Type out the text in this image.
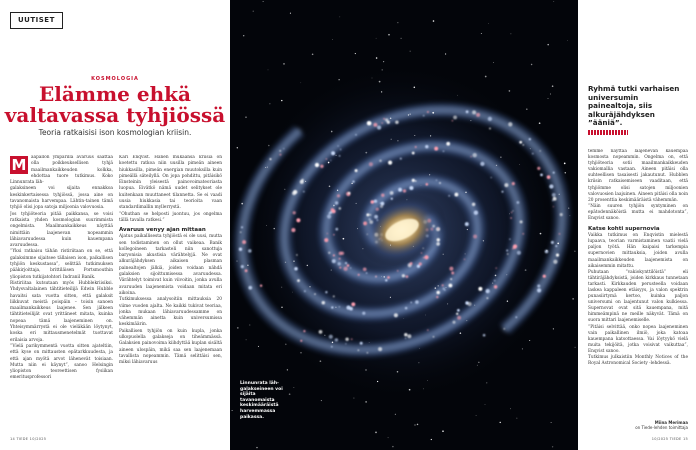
UUTISET
KOSMOLOGIA
Elämme ehkä
valtavassa tyhjiössä
Teoria ratkaisisi ison kosmologian kriisin.
M	aapallon ympärillä avaruus saattaa olla poikkeuksellisen tyhjä maailmankaikkeuden kolkka, ehdottaa tuore tutkimus. Koko Linnunrata läh-

galaksineen voi sijaita ennakkoa keskinkertaisessa tyhjiössä, jossa aine on tavanomaista harvempaa. Lähtin-tainen tämä tyhjiö olisi jopa satoja miljoonia valovuosia.

Jos tyhjiöteoria pitää paikkansa, se voisi ratkaista yhden kosmologian suurimmista ongelmista. Maailmankaikkeus näyttää nimittäin laajenevan nopeammin lähiavaruudessa kuin kauempana avaruudessa.

“Yksi ratkaisu tähän ristiriitaan on se, että galaksimme sijaitsee tällaisen ison, paikallisen tyhjiön keskustassa”, selittää tutkimuksen pääkirjoittaja, brittiläisen Portsmouthin yliopiston tutkijatohtori Indranil Banik.

Ristiriitaa kutsutaan myös Hubblekriisiksi. Yhdysvaltalainen tähtitieteilijä Edwin Hubble havaitsi sata vuotta sitten, että galaksit liikkuvat meistä poispäin – toisin sanoen maailmankaikkeus laajenee. Sen jälkeen tähtitieteilijät ovat yrittäneet mitata, kuinka nopeaa tämä laajeneminen on. Yhteisymmärrystä ei ole vieläkään löytynyt, koska eri mittausmenetelmät tuottavat erilaisia arvoja.

“Vielä parikymmentä vuotta sitten ajateltiin, että kyse on mittausten epätarkkuudesta, ja että ajan myötä arvot lähenevät toisiaan. Mutta niin ei käynyt”, sanoo Helsingin yliopiston teoreettisen fysiikan emeritusprofessori

Kari Enqvist. Hänen mukaansa kriisiä on koetettu ratkoa niin uusilla pimeän aineen hiukkasilla, pimeän energian muutoksilla kuin pimeällä säteilyllä. On jopa pohdittu, pitäisikö Einsteinin yleisestä painovoimateoriasta luopua. Eivätkö nämä uudet selitykset ole kuitenkaan muuttaneet tilannetta. Se ei vaadi uusia hiukkasia tai teorioita vaan standardimallin myllerrystä.

“Ohuthan se helposti juontuu, jos ongelma tällä tavalla ratkesi.”

Avaruus venyy ajan mittaan

Ajatus paikallisesta tyhjiöstä ei ole uusi, mutta sen todistaminen on ollut vaikeaa. Banik kollegoineen tarkasteli niin sanottuja baryonisia akustisia värähtelyjä. Ne ovat alkuräjähdyksen aikaisen plasman painealtojen jälkiä, joiden voidaan nähdä galaksien sijoittumisessa avaruudessa. Värähtelyt toimivat kuin viivoitin, jonka avulla avaruuden laajenemista voidaan mitata eri aikoina.

Tutkimuksessa analysoitiin mittauksia 20 viime vuoden ajalta. Ne kaikki tukivat teoriaa, jonka mukaan lähiavaruudessamme on vähemmän ainetta kuin universumissa keskimäärin.

Paikallisen tyhjiön on kuin kupla, jonka ulkopuolella galakseja on tiheämmässä. Galaksien painovoima kiihdyttää kuplan sisältä aineen ulospäin, mikä saa sen laajenemaan tavallista nopeammin. Tämä selittäisi sen, miksi lähiavaruus

14 TIEDE 10/2025
Linnunrata läh-galakseineen voi sijaita tavanomaista keskimääräistä harvemmassa paikassa.
Ryhmä tutki varhaisen universumin painealtoja, siis alkuräjähdyksen ”ääniä”.

temme näyttää laajenevan kauempaa kosmosta nopeammin. Ongelma on, että tyhjiöteoria sotii maailmankaikkeuden vakiomallia vastaan. Aineen pitäisi olla suhteellisen tasaisesti jakautunut. Hubblen kriisin ratkaisemiseen vaaditaan, että tyhjiömme olisi satojen miljoonien valovuosien laajuinen. Aineen pitäisi olla noin 20 prosenttia keskimääräistä vähemmän.

“Näin suuren tyhjiön syntyminen on epätodennäköistä mutta ei mahdotonta”, Enqvist sanoo.

Katse kohti supernovia

Vaikka tutkimus on Enqvistin mielestä lupaava, teorian varmistaminen vaatii vielä paljon työtä. Hän kaipaisi tarkempia supernovien mittauksia, joiden avulla maailmankaikkeuden laajenemista on aikaisemmin mitattu.

Puhutaan “vakiokynttilöistä” eli tähtiräjähdyksistä, joiden kirkkaus tunnetaan tarkasti. Kirkkauden perusteella voidaan laskea kappaleen etäisyys, ja valon spektrin punasiirtymä kertoo, kuinka paljon universumi on laajentunut valon kulkiessa. Supernovat ovat sitä kauempana, mitä himmeämpinä ne meille näkyvät. Tämä on suora mittari laajenemiselle.

“Pitäisi selvittää, onko nopea laajeneminen vain paikallinen ilmiö, joka katoaa kauempana katsottaessa. Vai löytyykö vielä muita tekijöitä, jotka voisivat vaikuttaa”, Enqvist sanoo.

Tutkimus julkaistiin Monthly Notices of the Royal Astronomical Society -lehdessä.

Miina Merimaa
on Tiede-lehden toimittaja
10/2025 TIEDE 15
